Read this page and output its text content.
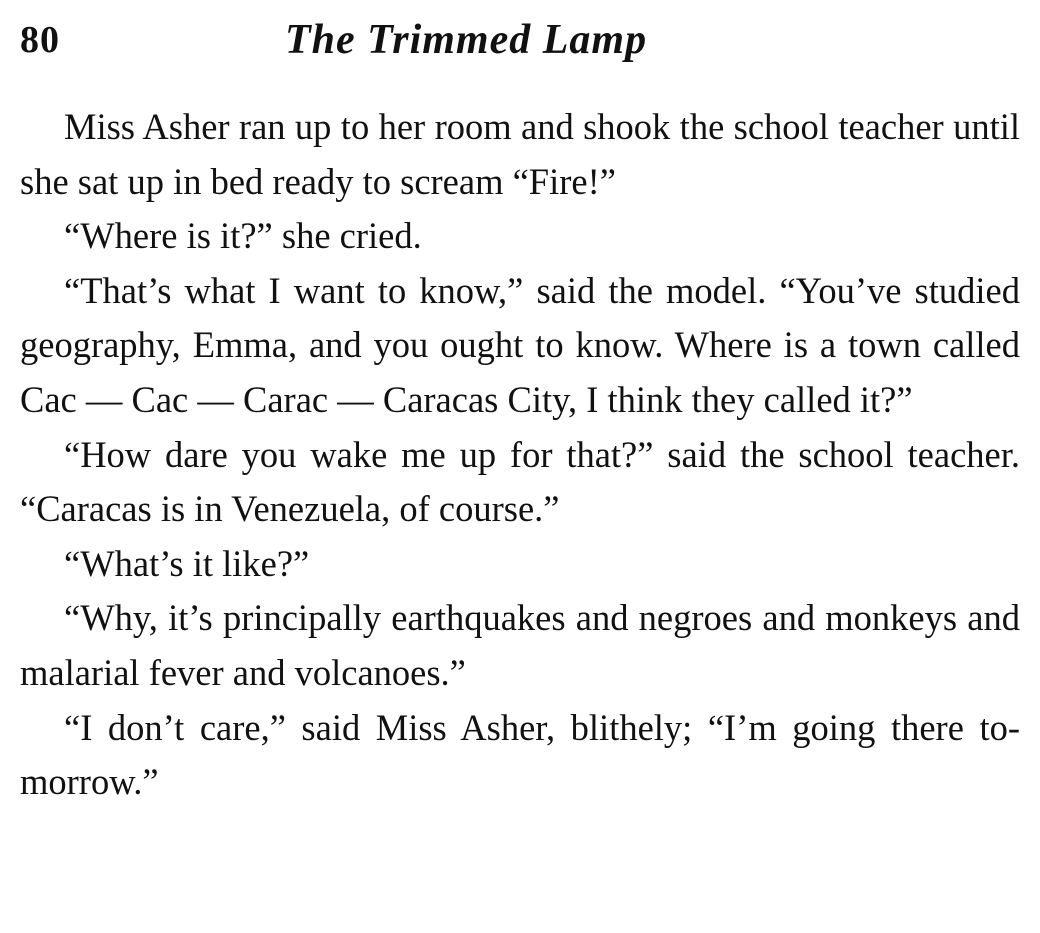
80	The Trimmed Lamp

Miss Asher ran up to her room and shook the school teacher until she sat up in bed ready to scream “Fire!”

“Where is it?” she cried.

“That’s what I want to know,” said the model. “You’ve studied geography, Emma, and you ought to know. Where is a town called Cac — Cac — Carac — Caracas City, I think they called it?”

“How dare you wake me up for that?” said the school teacher. “Caracas is in Venezuela, of course.”

“What’s it like?”

“Why, it’s principally earthquakes and negroes and monkeys and malarial fever and volcanoes.”

“I don’t care,” said Miss Asher, blithely; “I’m going there to-morrow.”
